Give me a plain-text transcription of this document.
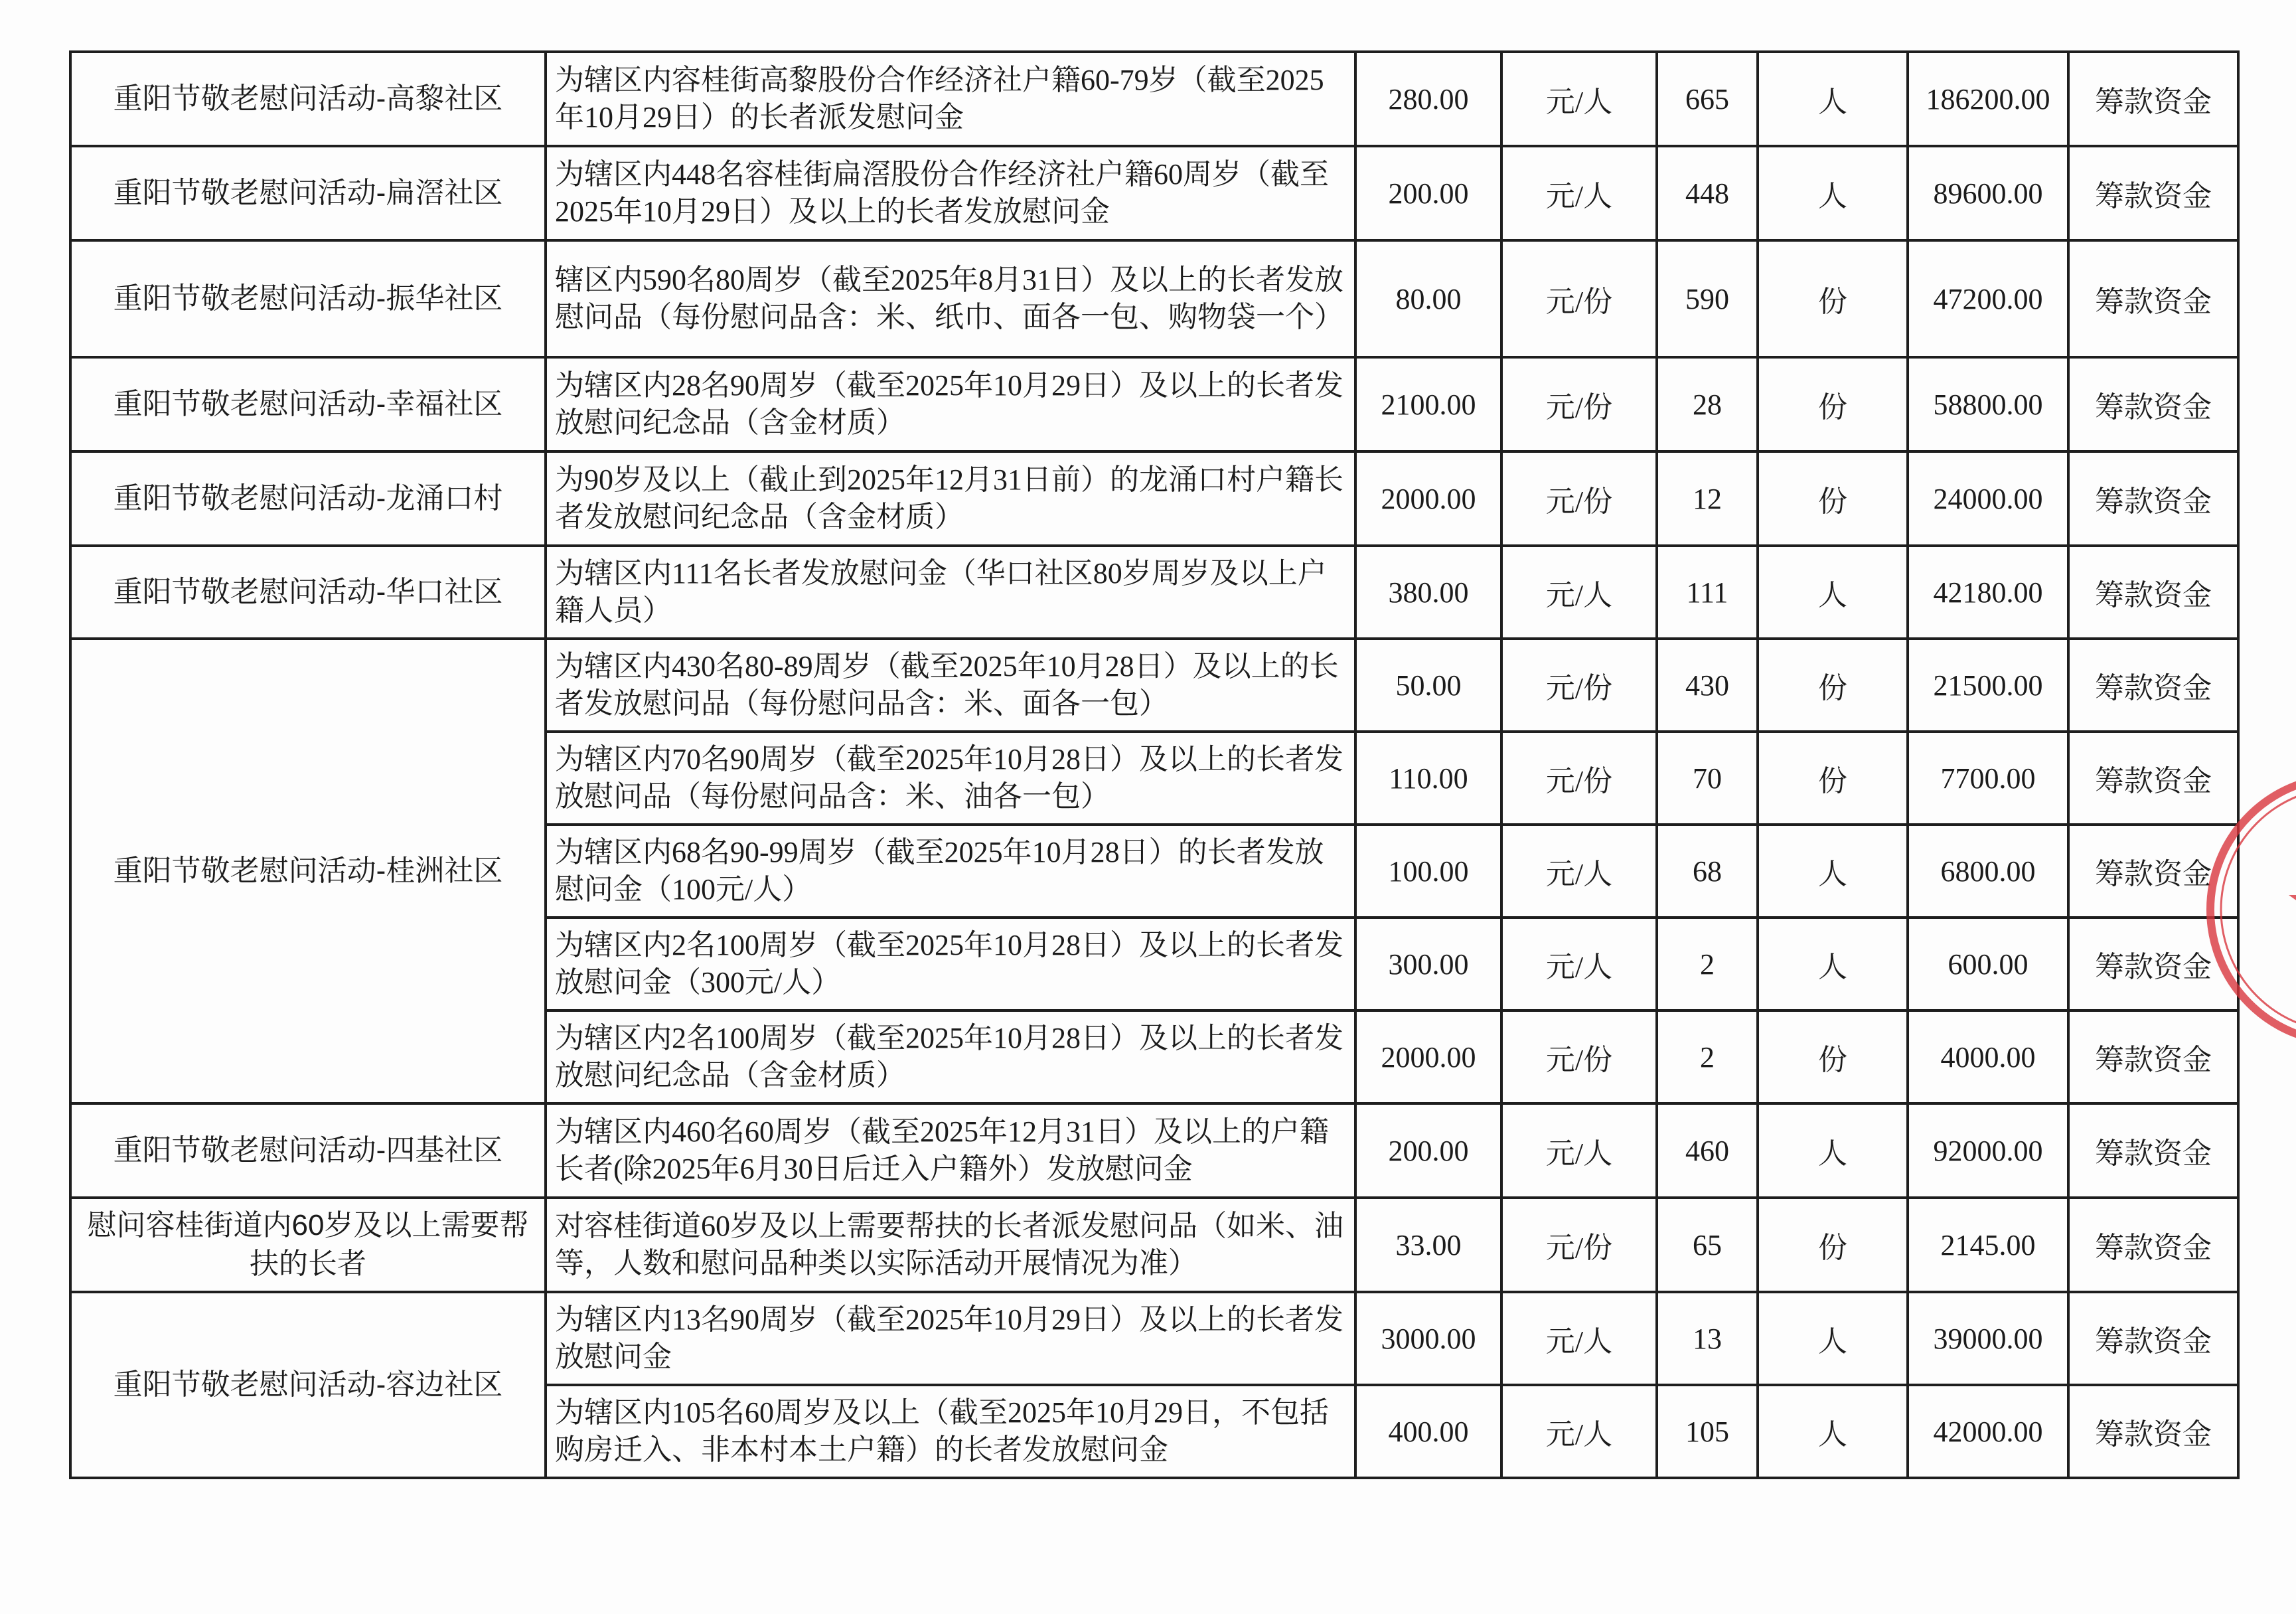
重阳节敬老慰问活动-高黎社区	为辖区内容桂街高黎股份合作经济社户籍60-79岁（截至2025年10月29日）的长者派发慰问金	280.00	元/人	665	人	186200.00	筹款资金
重阳节敬老慰问活动-扁滘社区	为辖区内448名容桂街扁滘股份合作经济社户籍60周岁（截至2025年10月29日）及以上的长者发放慰问金	200.00	元/人	448	人	89600.00	筹款资金
重阳节敬老慰问活动-振华社区	辖区内590名80周岁（截至2025年8月31日）及以上的长者发放慰问品（每份慰问品含：米、纸巾、面各一包、购物袋一个）	80.00	元/份	590	份	47200.00	筹款资金
重阳节敬老慰问活动-幸福社区	为辖区内28名90周岁（截至2025年10月29日）及以上的长者发放慰问纪念品（含金材质）	2100.00	元/份	28	份	58800.00	筹款资金
重阳节敬老慰问活动-龙涌口村	为90岁及以上（截止到2025年12月31日前）的龙涌口村户籍长者发放慰问纪念品（含金材质）	2000.00	元/份	12	份	24000.00	筹款资金
重阳节敬老慰问活动-华口社区	为辖区内111名长者发放慰问金（华口社区80岁周岁及以上户籍人员）	380.00	元/人	111	人	42180.00	筹款资金
重阳节敬老慰问活动-桂洲社区	为辖区内430名80-89周岁（截至2025年10月28日）及以上的长者发放慰问品（每份慰问品含：米、面各一包）	50.00	元/份	430	份	21500.00	筹款资金
	为辖区内70名90周岁（截至2025年10月28日）及以上的长者发放慰问品（每份慰问品含：米、油各一包）	110.00	元/份	70	份	7700.00	筹款资金
	为辖区内68名90-99周岁（截至2025年10月28日）的长者发放慰问金（100元/人）	100.00	元/人	68	人	6800.00	筹款资金
	为辖区内2名100周岁（截至2025年10月28日）及以上的长者发放慰问金（300元/人）	300.00	元/人	2	人	600.00	筹款资金
	为辖区内2名100周岁（截至2025年10月28日）及以上的长者发放慰问纪念品（含金材质）	2000.00	元/份	2	份	4000.00	筹款资金
重阳节敬老慰问活动-四基社区	为辖区内460名60周岁（截至2025年12月31日）及以上的户籍长者(除2025年6月30日后迁入户籍外）发放慰问金	200.00	元/人	460	人	92000.00	筹款资金
慰问容桂街道内60岁及以上需要帮扶的长者	对容桂街道60岁及以上需要帮扶的长者派发慰问品（如米、油等，人数和慰问品种类以实际活动开展情况为准）	33.00	元/份	65	份	2145.00	筹款资金
重阳节敬老慰问活动-容边社区	为辖区内13名90周岁（截至2025年10月29日）及以上的长者发放慰问金	3000.00	元/人	13	人	39000.00	筹款资金
	为辖区内105名60周岁及以上（截至2025年10月29日，不包括购房迁入、非本村本土户籍）的长者发放慰问金	400.00	元/人	105	人	42000.00	筹款资金
